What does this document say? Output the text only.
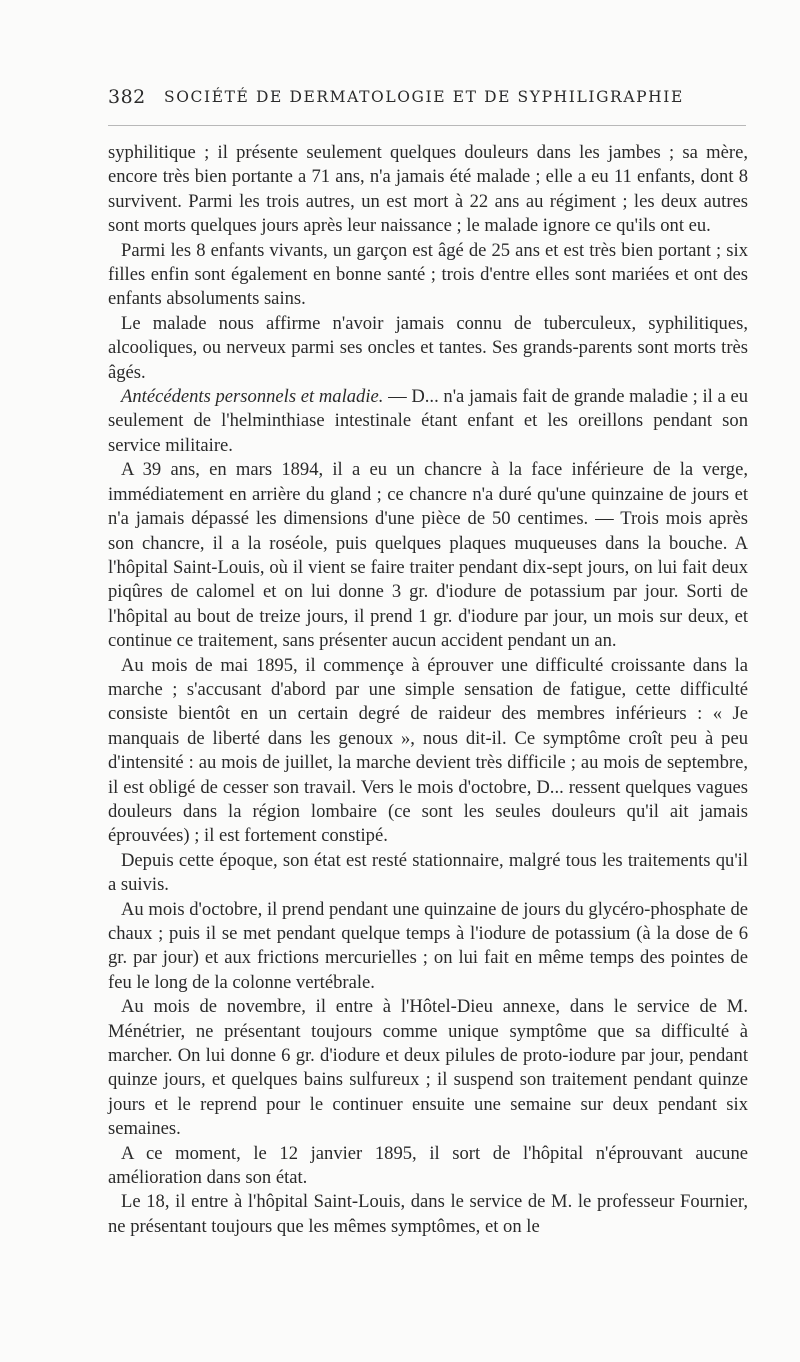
382 SOCIÉTÉ DE DERMATOLOGIE ET DE SYPHILIGRAPHIE

syphilitique ; il présente seulement quelques douleurs dans les jambes ; sa mère, encore très bien portante a 71 ans, n'a jamais été malade ; elle a eu 11 enfants, dont 8 survivent. Parmi les trois autres, un est mort à 22 ans au régiment ; les deux autres sont morts quelques jours après leur naissance ; le malade ignore ce qu'ils ont eu.

Parmi les 8 enfants vivants, un garçon est âgé de 25 ans et est très bien portant ; six filles enfin sont également en bonne santé ; trois d'entre elles sont mariées et ont des enfants absoluments sains.

Le malade nous affirme n'avoir jamais connu de tuberculeux, syphilitiques, alcooliques, ou nerveux parmi ses oncles et tantes. Ses grands-parents sont morts très âgés.

Antécédents personnels et maladie. — D... n'a jamais fait de grande maladie ; il a eu seulement de l'helminthiase intestinale étant enfant et les oreillons pendant son service militaire.

A 39 ans, en mars 1894, il a eu un chancre à la face inférieure de la verge, immédiatement en arrière du gland ; ce chancre n'a duré qu'une quinzaine de jours et n'a jamais dépassé les dimensions d'une pièce de 50 centimes. — Trois mois après son chancre, il a la roséole, puis quelques plaques muqueuses dans la bouche. A l'hôpital Saint-Louis, où il vient se faire traiter pendant dix-sept jours, on lui fait deux piqûres de calomel et on lui donne 3 gr. d'iodure de potassium par jour. Sorti de l'hôpital au bout de treize jours, il prend 1 gr. d'iodure par jour, un mois sur deux, et continue ce traitement, sans présenter aucun accident pendant un an.

Au mois de mai 1895, il commençe à éprouver une difficulté croissante dans la marche ; s'accusant d'abord par une simple sensation de fatigue, cette difficulté consiste bientôt en un certain degré de raideur des membres inférieurs : « Je manquais de liberté dans les genoux », nous dit-il. Ce symptôme croît peu à peu d'intensité : au mois de juillet, la marche devient très difficile ; au mois de septembre, il est obligé de cesser son travail. Vers le mois d'octobre, D... ressent quelques vagues douleurs dans la région lombaire (ce sont les seules douleurs qu'il ait jamais éprouvées) ; il est fortement constipé.

Depuis cette époque, son état est resté stationnaire, malgré tous les traitements qu'il a suivis.

Au mois d'octobre, il prend pendant une quinzaine de jours du glycéro-phosphate de chaux ; puis il se met pendant quelque temps à l'iodure de potassium (à la dose de 6 gr. par jour) et aux frictions mercurielles ; on lui fait en même temps des pointes de feu le long de la colonne vertébrale.

Au mois de novembre, il entre à l'Hôtel-Dieu annexe, dans le service de M. Ménétrier, ne présentant toujours comme unique symptôme que sa difficulté à marcher. On lui donne 6 gr. d'iodure et deux pilules de proto-iodure par jour, pendant quinze jours, et quelques bains sulfureux ; il suspend son traitement pendant quinze jours et le reprend pour le continuer ensuite une semaine sur deux pendant six semaines.

A ce moment, le 12 janvier 1895, il sort de l'hôpital n'éprouvant aucune amélioration dans son état.

Le 18, il entre à l'hôpital Saint-Louis, dans le service de M. le professeur Fournier, ne présentant toujours que les mêmes symptômes, et on le
